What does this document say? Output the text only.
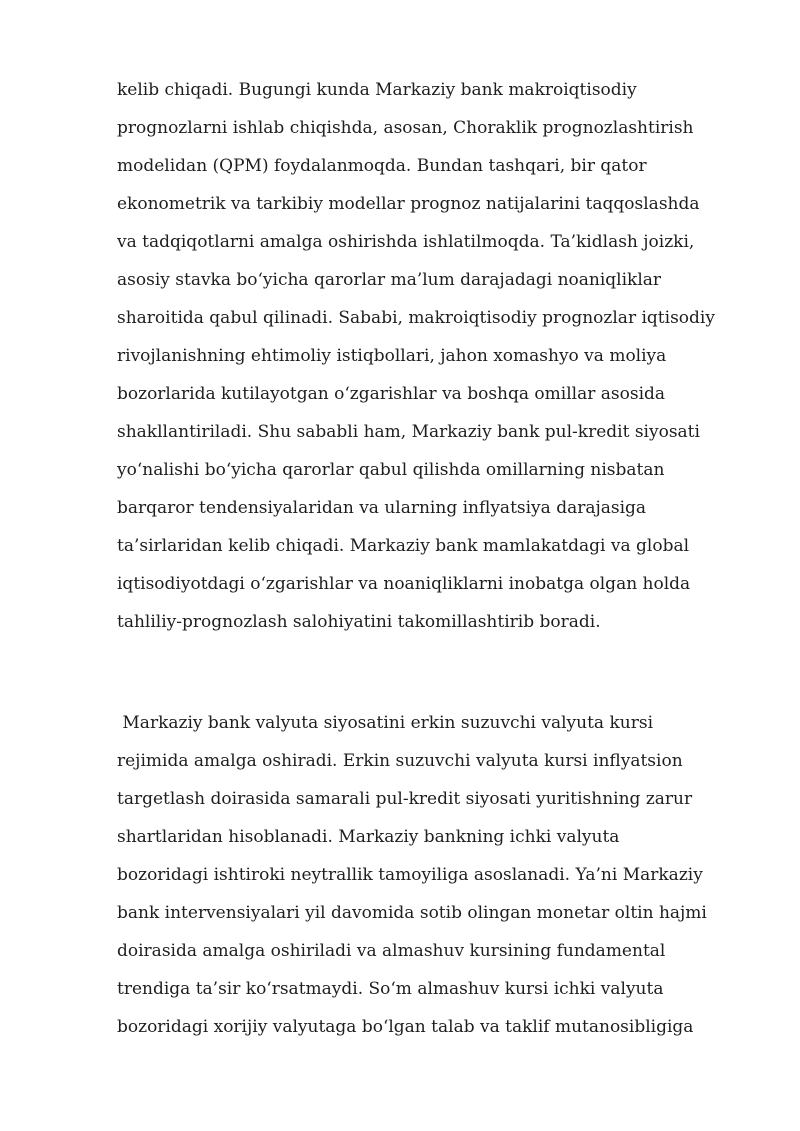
kelib chiqadi. Bugungi kunda Markaziy bank makroiqtisodiy
prognozlarni ishlab chiqishda, asosan, Choraklik prognozlashtirish
modelidan (QPM) foydalanmoqda. Bundan tashqari, bir qator
ekonometrik va tarkibiy modellar prognoz natijalarini taqqoslashda
va tadqiqotlarni amalga oshirishda ishlatilmoqda. Ta’kidlash joizki,
asosiy stavka bo‘yicha qarorlar ma’lum darajadagi noaniqliklar
sharoitida qabul qilinadi. Sababi, makroiqtisodiy prognozlar iqtisodiy
rivojlanishning ehtimoliy istiqbollari, jahon xomashyo va moliya
bozorlarida kutilayotgan o‘zgarishlar va boshqa omillar asosida
shakllantiriladi. Shu sababli ham, Markaziy bank pul-kredit siyosati
yo‘nalishi bo‘yicha qarorlar qabul qilishda omillarning nisbatan
barqaror tendensiyalaridan va ularning inflyatsiya darajasiga
ta’sirlaridan kelib chiqadi. Markaziy bank mamlakatdagi va global
iqtisodiyotdagi o‘zgarishlar va noaniqliklarni inobatga olgan holda
tahliliy-prognozlash salohiyatini takomillashtirib boradi.
Markaziy bank valyuta siyosatini erkin suzuvchi valyuta kursi
rejimida amalga oshiradi. Erkin suzuvchi valyuta kursi inflyatsion
targetlash doirasida samarali pul-kredit siyosati yuritishning zarur
shartlaridan hisoblanadi. Markaziy bankning ichki valyuta
bozoridagi ishtiroki neytrallik tamoyiliga asoslanadi. Ya’ni Markaziy
bank intervensiyalari yil davomida sotib olingan monetar oltin hajmi
doirasida amalga oshiriladi va almashuv kursining fundamental
trendiga ta’sir ko‘rsatmaydi. So‘m almashuv kursi ichki valyuta
bozoridagi xorijiy valyutaga bo‘lgan talab va taklif mutanosibligiga
